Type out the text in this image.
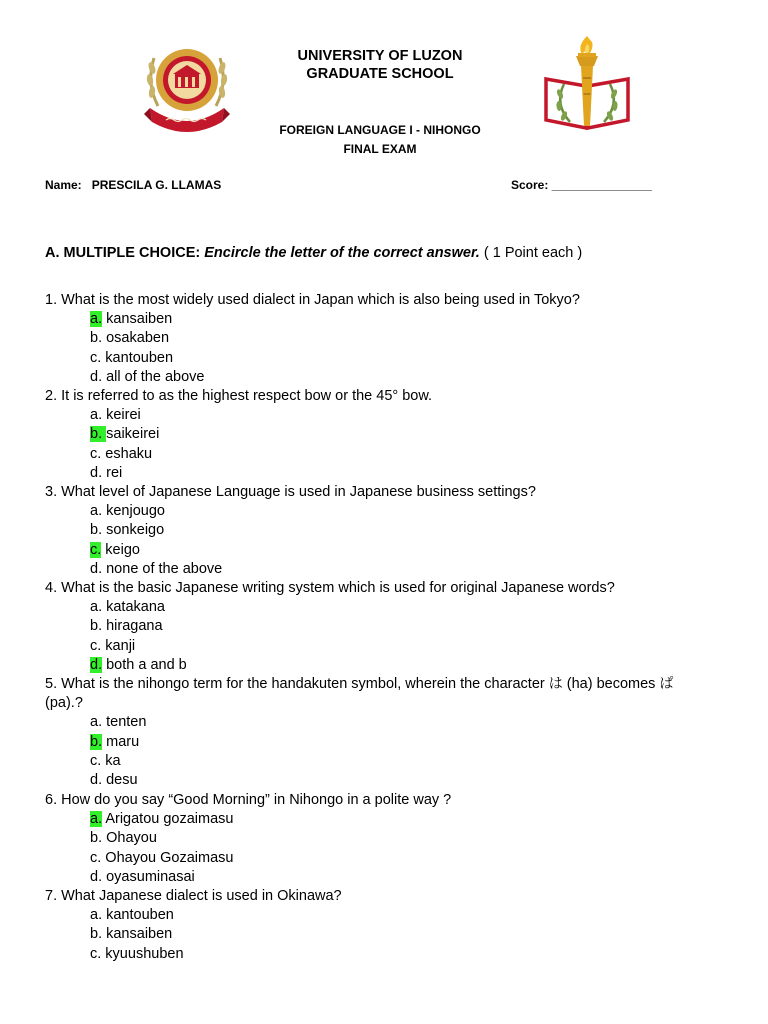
UNIVERSITY OF LUZON
GRADUATE SCHOOL
FOREIGN LANGUAGE I - NIHONGO
FINAL EXAM
Name: PRESCILA G. LLAMAS	Score: _______________
A. MULTIPLE CHOICE: Encircle the letter of the correct answer. ( 1 Point each )
1. What is the most widely used dialect in Japan which is also being used in Tokyo?
a. kansaiben
b. osakaben
c. kantouben
d. all of the above
2. It is referred to as the highest respect bow or the 45° bow.
a. keirei
b. saikeirei
c. eshaku
d. rei
3. What level of Japanese Language is used in Japanese business settings?
a. kenjougo
b. sonkeigo
c. keigo
d. none of the above
4. What is the basic Japanese writing system which is used for original Japanese words?
a. katakana
b. hiragana
c. kanji
d. both a and b
5. What is the nihongo term for the handakuten symbol, wherein the character は (ha) becomes ぱ
(pa).?
a. tenten
b. maru
c. ka
d. desu
6. How do you say “Good Morning” in Nihongo in a polite way ?
a. Arigatou gozaimasu
b. Ohayou
c. Ohayou Gozaimasu
d. oyasuminasai
7. What Japanese dialect is used in Okinawa?
a. kantouben
b. kansaiben
c. kyuushuben
